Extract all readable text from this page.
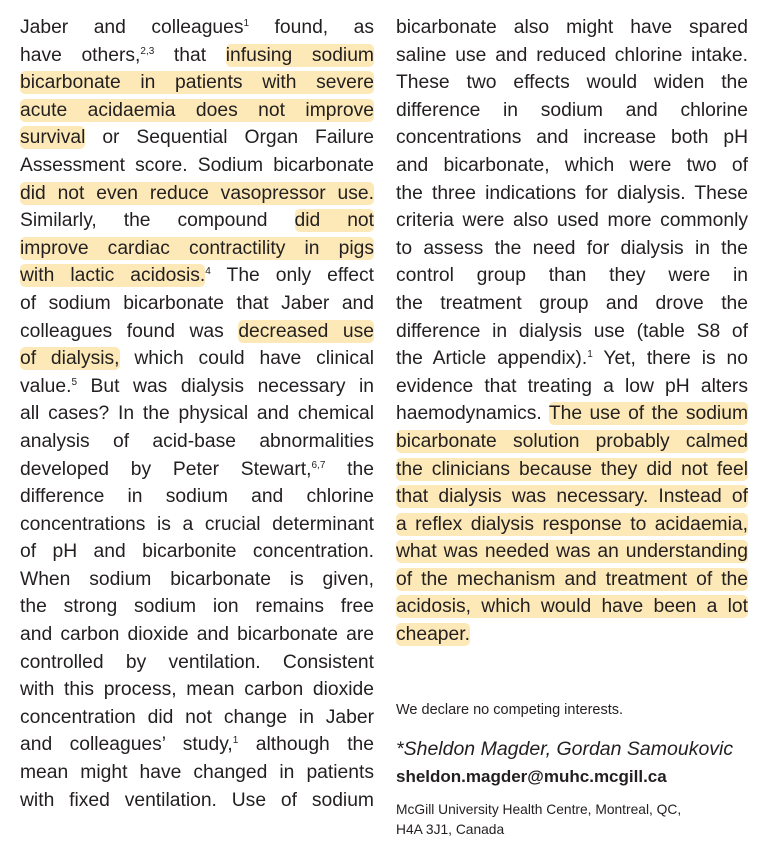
Jaber and colleagues$^1$ found, as
have others,$^{2,3}$ that infusing sodium
bicarbonate in patients with severe
acute acidaemia does not improve
survival or Sequential Organ Failure
Assessment score. Sodium bicarbonate
did not even reduce vasopressor use.
Similarly, the compound did not
improve cardiac contractility in pigs
with lactic acidosis.$^4$ The only effect
of sodium bicarbonate that Jaber and
colleagues found was decreased use
of dialysis, which could have clinical
value.$^5$ But was dialysis necessary in
all cases? In the physical and chemical
analysis of acid-base abnormalities
developed by Peter Stewart,$^{6,7}$ the
difference in sodium and chlorine
concentrations is a crucial determinant
of pH and bicarbonite concentration.
When sodium bicarbonate is given,
the strong sodium ion remains free
and carbon dioxide and bicarbonate are
controlled by ventilation. Consistent
with this process, mean carbon dioxide
concentration did not change in Jaber
and colleagues’ study,$^1$ although the
mean might have changed in patients
with fixed ventilation. Use of sodium
bicarbonate also might have spared
saline use and reduced chlorine intake.
These two effects would widen the
difference in sodium and chlorine
concentrations and increase both pH
and bicarbonate, which were two of
the three indications for dialysis. These
criteria were also used more commonly
to assess the need for dialysis in the
control group than they were in
the treatment group and drove the
difference in dialysis use (table S8 of
the Article appendix).$^1$ Yet, there is no
evidence that treating a low pH alters
haemodynamics. The use of the sodium
bicarbonate solution probably calmed
the clinicians because they did not feel
that dialysis was necessary. Instead of
a reflex dialysis response to acidaemia,
what was needed was an understanding
of the mechanism and treatment of the
acidosis, which would have been a lot
cheaper.
We declare no competing interests.
*Sheldon Magder, Gordan Samoukovic
sheldon.magder@muhc.mcgill.ca
McGill University Health Centre, Montreal, QC,
H4A 3J1, Canada
